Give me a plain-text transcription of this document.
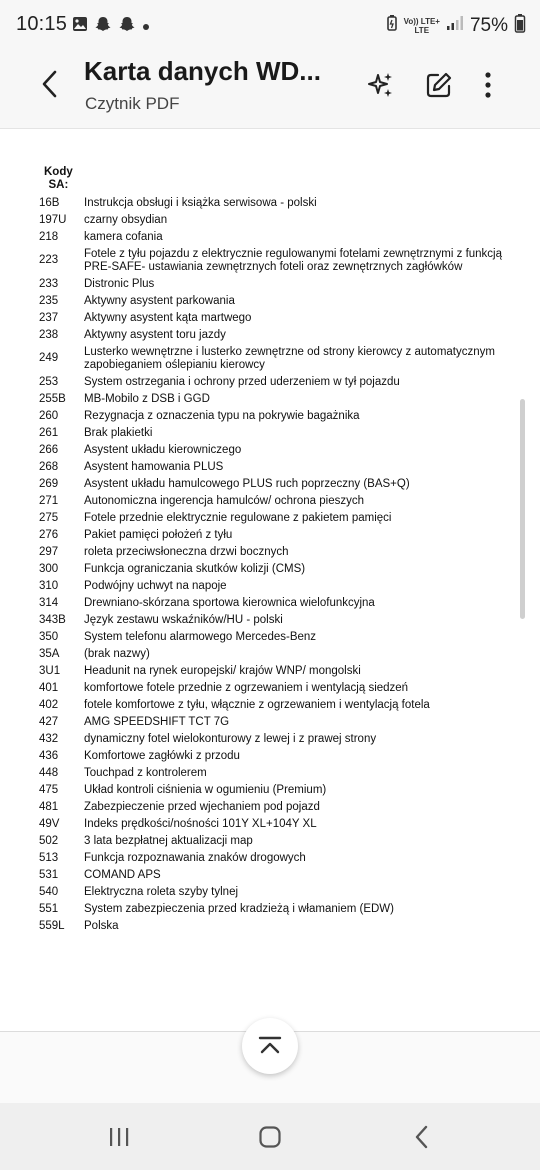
10:15	Vo)) LTE+
LTE	75%
Karta danych WD...
Czytnik PDF
Kody
SA:
16B	Instrukcja obsługi i książka serwisowa - polski
197U	czarny obsydian
218	kamera cofania
223	Fotele z tyłu pojazdu z elektrycznie regulowanymi fotelami zewnętrznymi z funkcją
PRE-SAFE- ustawiania zewnętrznych foteli oraz zewnętrznych zagłówków
233	Distronic Plus
235	Aktywny asystent parkowania
237	Aktywny asystent kąta martwego
238	Aktywny asystent toru jazdy
249	Lusterko wewnętrzne i lusterko zewnętrzne od strony kierowcy z automatycznym
zapobieganiem oślepianiu kierowcy
253	System ostrzegania i ochrony przed uderzeniem w tył pojazdu
255B	MB-Mobilo z DSB i GGD
260	Rezygnacja z oznaczenia typu na pokrywie bagażnika
261	Brak plakietki
266	Asystent układu kierowniczego
268	Asystent hamowania PLUS
269	Asystent układu hamulcowego PLUS ruch poprzeczny (BAS+Q)
271	Autonomiczna ingerencja hamulców/ ochrona pieszych
275	Fotele przednie elektrycznie regulowane z pakietem pamięci
276	Pakiet pamięci położeń z tyłu
297	roleta przeciwsłoneczna drzwi bocznych
300	Funkcja ograniczania skutków kolizji (CMS)
310	Podwójny uchwyt na napoje
314	Drewniano-skórzana sportowa kierownica wielofunkcyjna
343B	Język zestawu wskaźników/HU - polski
350	System telefonu alarmowego Mercedes-Benz
35A	(brak nazwy)
3U1	Headunit na rynek europejski/ krajów WNP/ mongolski
401	komfortowe fotele przednie z ogrzewaniem i wentylacją siedzeń
402	fotele komfortowe z tyłu, włącznie z ogrzewaniem i wentylacją fotela
427	AMG SPEEDSHIFT TCT 7G
432	dynamiczny fotel wielokonturowy z lewej i z prawej strony
436	Komfortowe zagłówki z przodu
448	Touchpad z kontrolerem
475	Układ kontroli ciśnienia w ogumieniu (Premium)
481	Zabezpieczenie przed wjechaniem pod pojazd
49V	Indeks prędkości/nośności 101Y XL+104Y XL
502	3 lata bezpłatnej aktualizacji map
513	Funkcja rozpoznawania znaków drogowych
531	COMAND APS
540	Elektryczna roleta szyby tylnej
551	System zabezpieczenia przed kradzieżą i włamaniem (EDW)
559L	Polska
